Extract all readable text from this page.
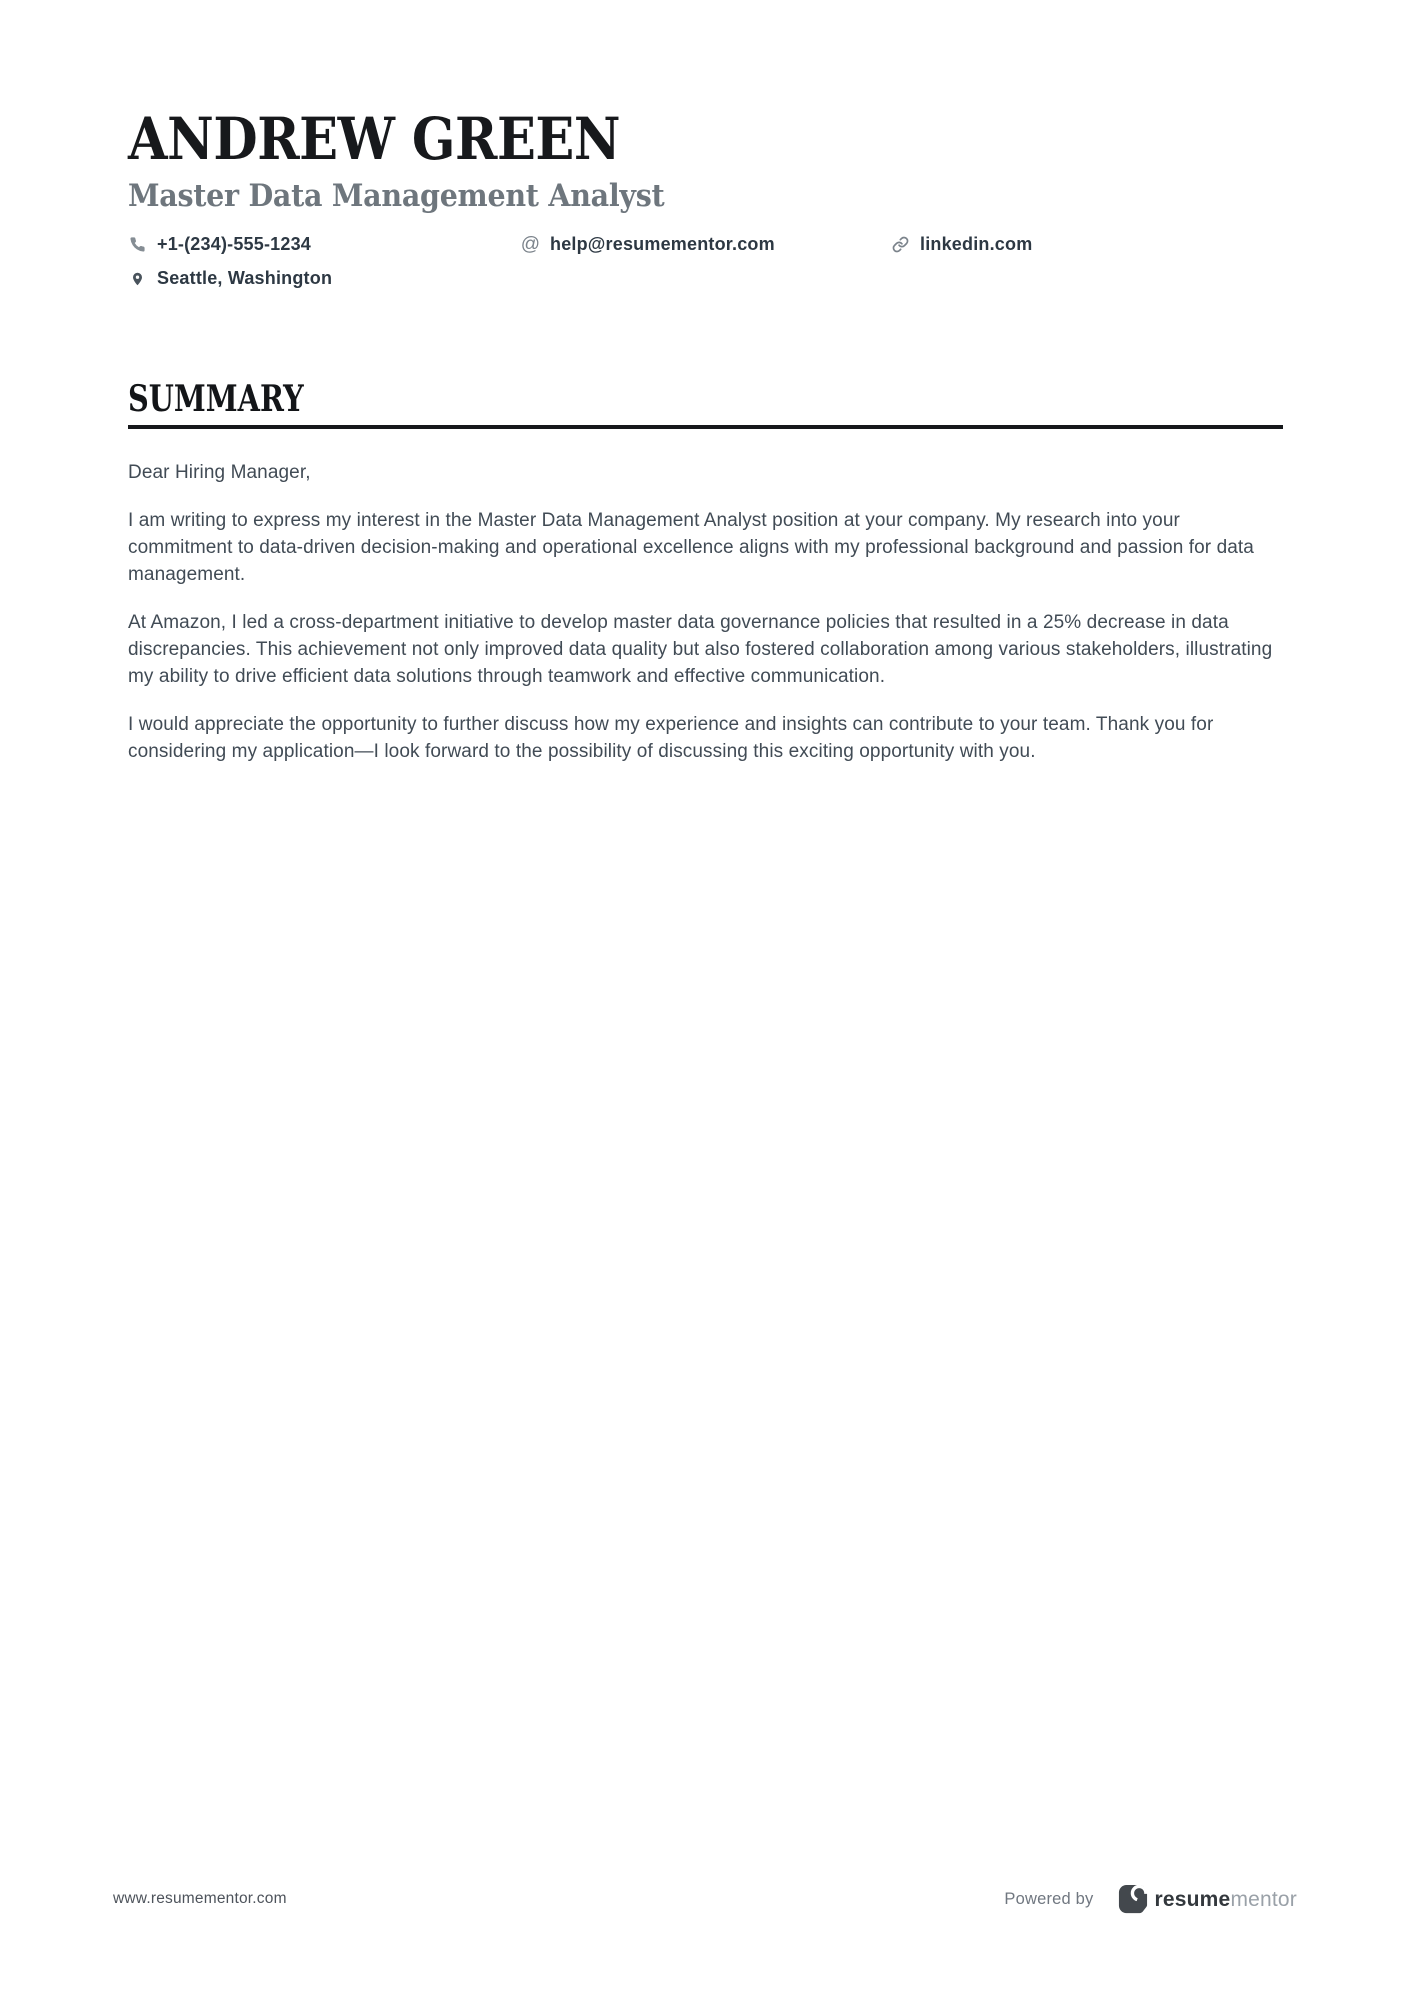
ANDREW GREEN
Master Data Management Analyst
+1-(234)-555-1234	@ help@resumementor.com	linkedin.com
Seattle, Washington
SUMMARY

Dear Hiring Manager,

I am writing to express my interest in the Master Data Management Analyst position at your company. My research into your commitment to data-driven decision-making and operational excellence aligns with my professional background and passion for data management.

At Amazon, I led a cross-department initiative to develop master data governance policies that resulted in a 25% decrease in data discrepancies. This achievement not only improved data quality but also fostered collaboration among various stakeholders, illustrating my ability to drive efficient data solutions through teamwork and effective communication.

I would appreciate the opportunity to further discuss how my experience and insights can contribute to your team. Thank you for considering my application—I look forward to the possibility of discussing this exciting opportunity with you.

www.resumementor.com	Powered by	resumementor
